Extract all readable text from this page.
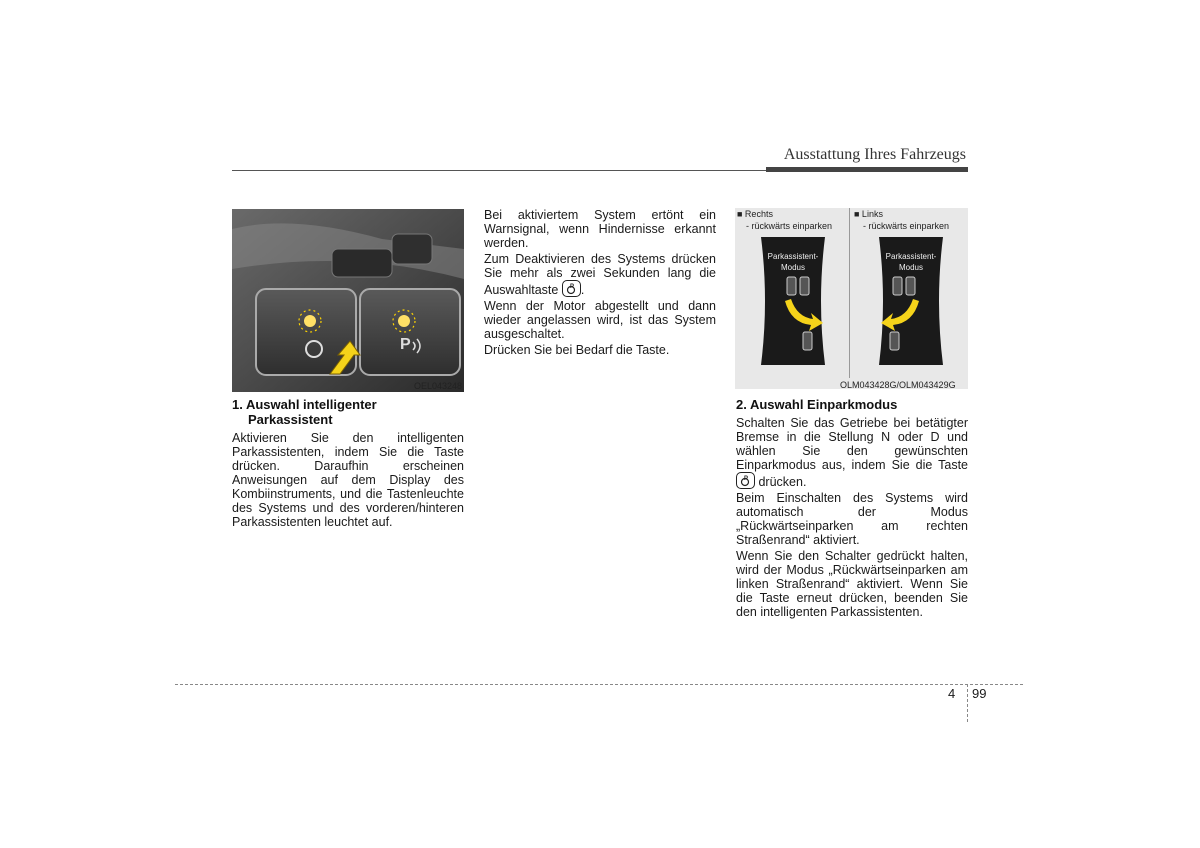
Ausstattung Ihres Fahrzeugs
P
OEL043248
1. Auswahl intelligenter
Parkassistent

Aktivieren Sie den intelligenten Parkassistenten, indem Sie die Taste drücken. Daraufhin erscheinen Anweisungen auf dem Display des Kombiinstruments, und die Tastenleuchte des Systems und des vorderen/hinteren Parkassistenten leuchtet auf.

Bei aktiviertem System ertönt ein Warnsignal, wenn Hindernisse erkannt werden.

Zum Deaktivieren des Systems drücken Sie mehr als zwei Sekunden lang die Auswahltaste P .

Wenn der Motor abgestellt und dann wieder angelassen wird, ist das System ausgeschaltet.

Drücken Sie bei Bedarf die Taste.

■ Rechts
- rückwärts einparken
■ Links
- rückwärts einparken
Parkassistent-
Modus
Parkassistent-
Modus
OLM043428G/OLM043429G
2. Auswahl Einparkmodus

Schalten Sie das Getriebe bei betätigter Bremse in die Stellung N oder D und wählen Sie den gewünschten Einparkmodus aus, indem Sie die Taste
P drücken.

Beim Einschalten des Systems wird automatisch der Modus „Rückwärtseinparken am rechten Straßenrand“ aktiviert.

Wenn Sie den Schalter gedrückt halten, wird der Modus „Rückwärtseinparken am linken Straßenrand“ aktiviert. Wenn Sie die Taste erneut drücken, beenden Sie den intelligenten Parkassistenten.

4 99
